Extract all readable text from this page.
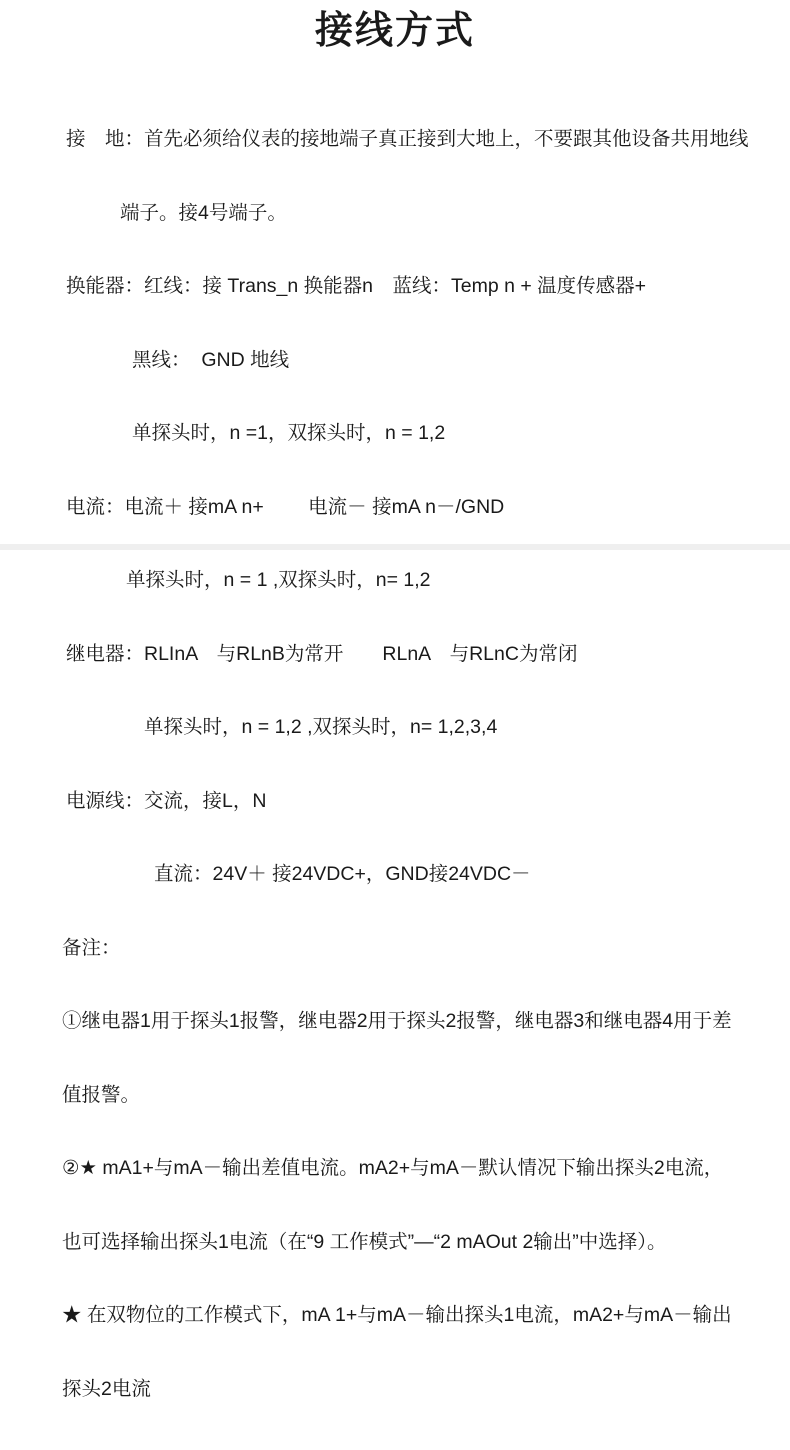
接线方式

接　地：首先必须给仪表的接地端子真正接到大地上，不要跟其他设备共用地线

端子。接4号端子。

换能器：红线：接 Trans_n 换能器n　蓝线：Temp n + 温度传感器+

黑线：  GND 地线

单探头时，n =1，双探头时，n = 1,2

电流：电流＋ 接mA n+　　 电流－ 接mA n－/GND

单探头时，n = 1 ,双探头时，n= 1,2

继电器：RLInA　与RLnB为常开　　RLnA　与RLnC为常闭

单探头时，n = 1,2 ,双探头时，n= 1,2,3,4

电源线：交流，接L，N

直流：24V＋ 接24VDC+，GND接24VDC－

备注：

①继电器1用于探头1报警，继电器2用于探头2报警，继电器3和继电器4用于差

值报警。

②★ mA1+与mA－输出差值电流。mA2+与mA－默认情况下输出探头2电流，

也可选择输出探头1电流（在“9 工作模式”—“2 mAOut 2输出”中选择）。

★ 在双物位的工作模式下，mA 1+与mA－输出探头1电流，mA2+与mA－输出

探头2电流
